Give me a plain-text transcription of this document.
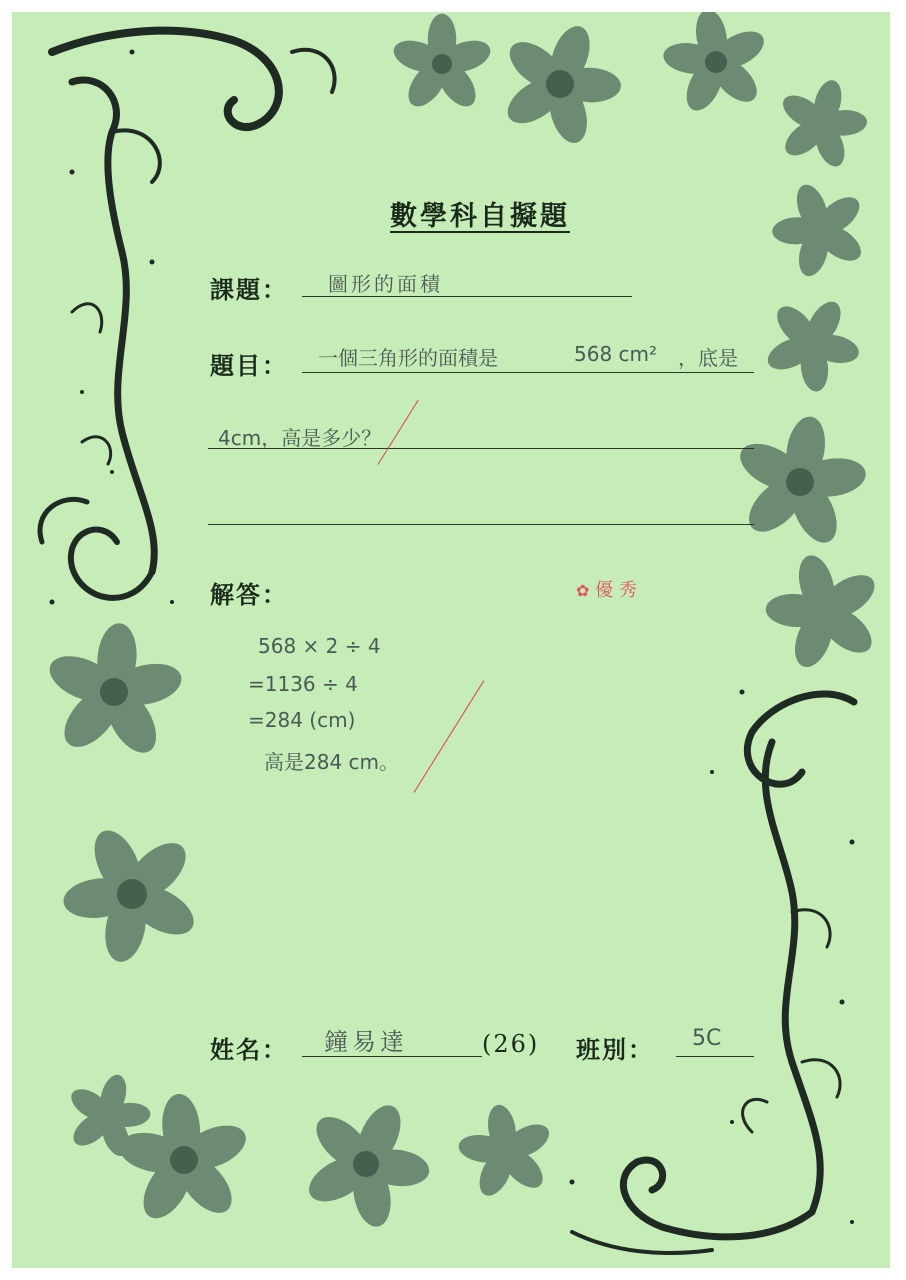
數學科自擬題
課題： 圖形的面積
題目： 一個三角形的面積是	568 cm² ，底是
4cm，高是多少？
解答：	✿ 優 秀
568 × 2 ÷ 4
=1136 ÷ 4
=284 (cm)
高是284 cm。
姓名： 鐘易達	(26) 班別： 5C
